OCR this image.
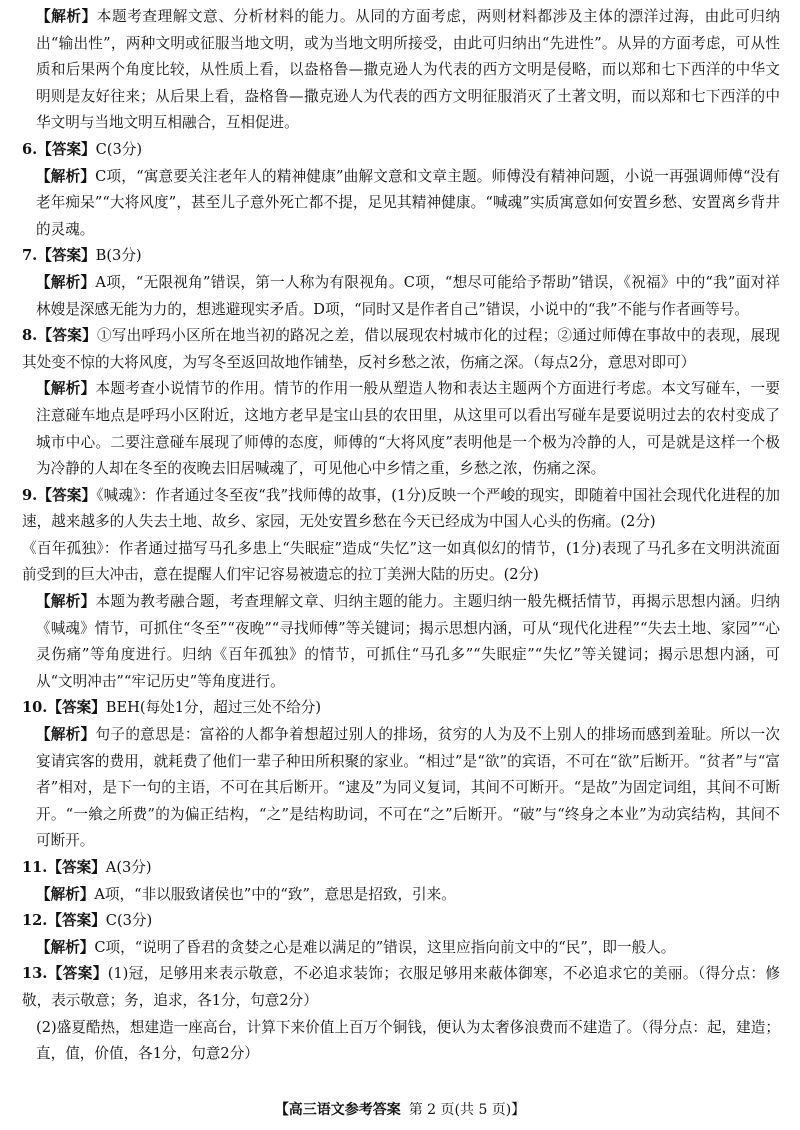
【解析】本题考查理解文意、分析材料的能力。从同的方面考虑，两则材料都涉及主体的漂洋过海，由此可归纳出“输出性”，两种文明或征服当地文明，或为当地文明所接受，由此可归纳出“先进性”。从异的方面考虑，可从性质和后果两个角度比较，从性质上看，以盎格鲁—撒克逊人为代表的西方文明是侵略，而以郑和七下西洋的中华文明则是友好往来；从后果上看，盎格鲁—撒克逊人为代表的西方文明征服消灭了土著文明，而以郑和七下西洋的中华文明与当地文明互相融合，互相促进。

6.【答案】C(3分)

【解析】C项，“寓意要关注老年人的精神健康”曲解文意和文章主题。师傅没有精神问题，小说一再强调师傅“没有老年痴呆”“大将风度”，甚至儿子意外死亡都不提，足见其精神健康。“喊魂”实质寓意如何安置乡愁、安置离乡背井的灵魂。

7.【答案】B(3分)

【解析】A项，“无限视角”错误，第一人称为有限视角。C项，“想尽可能给予帮助”错误，《祝福》中的“我”面对祥林嫂是深感无能为力的，想逃避现实矛盾。D项，“同时又是作者自己”错误，小说中的“我”不能与作者画等号。

8.【答案】①写出呼玛小区所在地当初的路况之差，借以展现农村城市化的过程；②通过师傅在事故中的表现，展现其处变不惊的大将风度，为写冬至返回故地作铺垫，反衬乡愁之浓，伤痛之深。（每点2分，意思对即可）

【解析】本题考查小说情节的作用。情节的作用一般从塑造人物和表达主题两个方面进行考虑。本文写碰车，一要注意碰车地点是呼玛小区附近，这地方老早是宝山县的农田里，从这里可以看出写碰车是要说明过去的农村变成了城市中心。二要注意碰车展现了师傅的态度，师傅的“大将风度”表明他是一个极为冷静的人，可是就是这样一个极为冷静的人却在冬至的夜晚去旧居喊魂了，可见他心中乡情之重，乡愁之浓，伤痛之深。

9.【答案】《喊魂》：作者通过冬至夜“我”找师傅的故事，(1分)反映一个严峻的现实，即随着中国社会现代化进程的加速，越来越多的人失去土地、故乡、家园，无处安置乡愁在今天已经成为中国人心头的伤痛。(2分)

《百年孤独》：作者通过描写马孔多患上“失眠症”造成“失忆”这一如真似幻的情节，(1分)表现了马孔多在文明洪流面前受到的巨大冲击，意在提醒人们牢记容易被遗忘的拉丁美洲大陆的历史。(2分)

【解析】本题为教考融合题，考查理解文章、归纳主题的能力。主题归纳一般先概括情节，再揭示思想内涵。归纳《喊魂》情节，可抓住“冬至”“夜晚”“寻找师傅”等关键词；揭示思想内涵，可从“现代化进程”“失去土地、家园”“心灵伤痛”等角度进行。归纳《百年孤独》的情节，可抓住“马孔多”“失眠症”“失忆”等关键词；揭示思想内涵，可从“文明冲击”“牢记历史”等角度进行。

10.【答案】BEH(每处1分，超过三处不给分)

【解析】句子的意思是：富裕的人都争着想超过别人的排场，贫穷的人为及不上别人的排场而感到羞耻。所以一次宴请宾客的费用，就耗费了他们一辈子种田所积聚的家业。“相过”是“欲”的宾语，不可在“欲”后断开。“贫者”与“富者”相对，是下一句的主语，不可在其后断开。“逮及”为同义复词，其间不可断开。“是故”为固定词组，其间不可断开。“一飨之所费”的为偏正结构，“之”是结构助词，不可在“之”后断开。“破”与“终身之本业”为动宾结构，其间不可断开。

11.【答案】A(3分)

【解析】A项，“非以服致诸侯也”中的“致”，意思是招致，引来。

12.【答案】C(3分)

【解析】C项，“说明了昏君的贪婪之心是难以满足的”错误，这里应指向前文中的“民”，即一般人。

13.【答案】(1)冠，足够用来表示敬意，不必追求装饰；衣服足够用来蔽体御寒，不必追求它的美丽。（得分点：修敬，表示敬意；务，追求，各1分，句意2分）

(2)盛夏酷热，想建造一座高台，计算下来价值上百万个铜钱，便认为太奢侈浪费而不建造了。（得分点：起，建造；直，值，价值，各1分，句意2分）

【高三语文参考答案 第 2 页(共 5 页)】
